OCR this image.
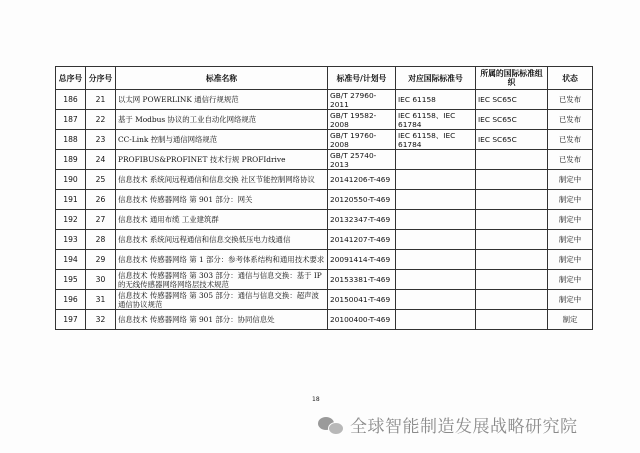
总序号	分序号	标准名称	标准号/计划号	对应国际标准号	所属的国际标准组织	状态
186	21	以太网 POWERLINK 通信行规规范	GB/T 27960-2011	IEC 61158	IEC SC65C	已发布
187	22	基于 Modbus 协议的工业自动化网络规范	GB/T 19582-2008	IEC 61158、IEC 61784	IEC SC65C	已发布
188	23	CC-Link 控制与通信网络规范	GB/T 19760-2008	IEC 61158、IEC 61784	IEC SC65C	已发布
189	24	PROFIBUS&PROFINET 技术行规 PROFIdrive	GB/T 25740-2013			已发布
190	25	信息技术 系统间远程通信和信息交换 社区节能控制网络协议	20141206-T-469			制定中
191	26	信息技术 传感器网络 第 901 部分：网关	20120550-T-469			制定中
192	27	信息技术 通用布缆 工业建筑群	20132347-T-469			制定中
193	28	信息技术 系统间远程通信和信息交换低压电力线通信	20141207-T-469			制定中
194	29	信息技术 传感器网络 第 1 部分：参考体系结构和通用技术要求	20091414-T-469			制定中
195	30	信息技术 传感器网络 第 303 部分：通信与信息交换：基于 IP 的无线传感器网络网络层技术规范	20153381-T-469			制定中
196	31	信息技术 传感器网络 第 305 部分：通信与信息交换：超声波通信协议规范	20150041-T-469			制定中
197	32	信息技术 传感器网络 第 901 部分：协同信息处	20100400-T-469			制定
18
全球智能制造发展战略研究院
